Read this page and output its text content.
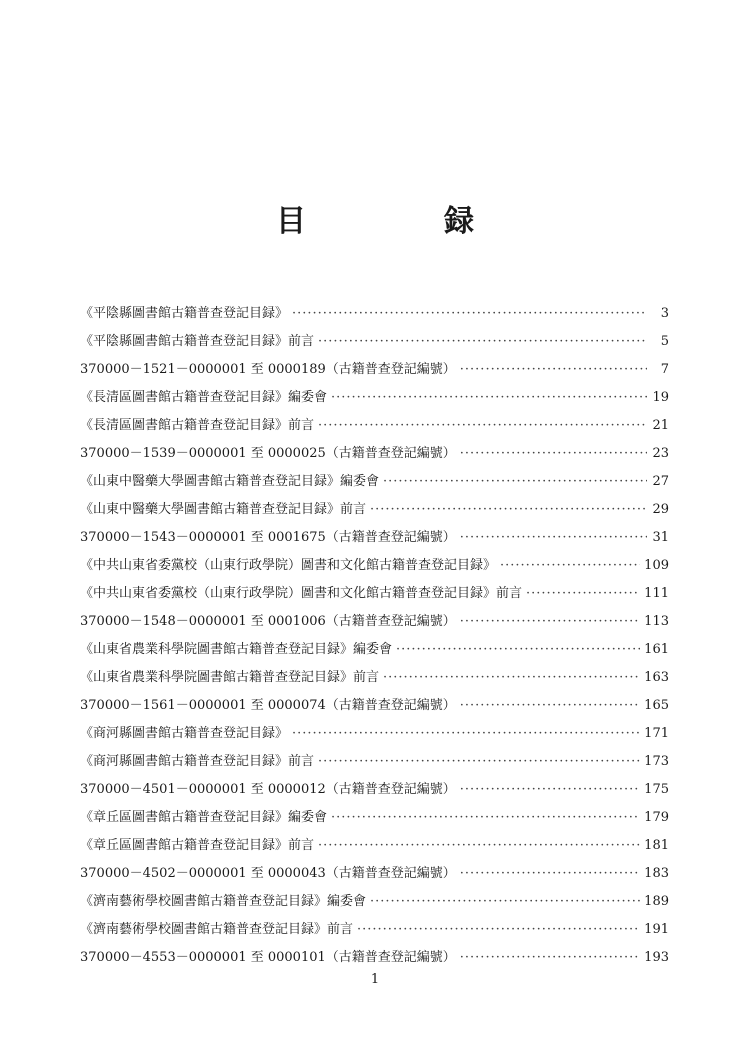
目　録
《平陰縣圖書館古籍普查登記目録》 ·····	3
《平陰縣圖書館古籍普查登記目録》前言 ·····	5
370000－1521－0000001 至 0000189（古籍普查登記編號） ·····	7
《長清區圖書館古籍普查登記目録》編委會 ·····	19
《長清區圖書館古籍普查登記目録》前言 ·····	21
370000－1539－0000001 至 0000025（古籍普查登記編號） ·····	23
《山東中醫藥大學圖書館古籍普查登記目録》編委會 ·····	27
《山東中醫藥大學圖書館古籍普查登記目録》前言 ·····	29
370000－1543－0000001 至 0001675（古籍普查登記編號） ·····	31
《中共山東省委黨校（山東行政學院）圖書和文化館古籍普查登記目録》 ·····	109
《中共山東省委黨校（山東行政學院）圖書和文化館古籍普查登記目録》前言 ·····	111
370000－1548－0000001 至 0001006（古籍普查登記編號） ·····	113
《山東省農業科學院圖書館古籍普查登記目録》編委會 ·····	161
《山東省農業科學院圖書館古籍普查登記目録》前言 ·····	163
370000－1561－0000001 至 0000074（古籍普查登記編號） ·····	165
《商河縣圖書館古籍普查登記目録》 ·····	171
《商河縣圖書館古籍普查登記目録》前言 ·····	173
370000－4501－0000001 至 0000012（古籍普查登記編號） ·····	175
《章丘區圖書館古籍普查登記目録》編委會 ·····	179
《章丘區圖書館古籍普查登記目録》前言 ·····	181
370000－4502－0000001 至 0000043（古籍普查登記編號） ·····	183
《濟南藝術學校圖書館古籍普查登記目録》編委會 ·····	189
《濟南藝術學校圖書館古籍普查登記目録》前言 ·····	191
370000－4553－0000001 至 0000101（古籍普查登記編號） ·····	193
1
